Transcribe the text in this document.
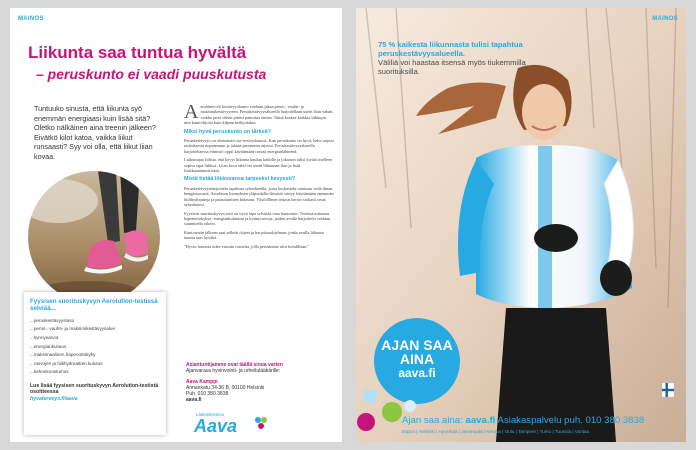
MAINOS
Liikunta saa tuntua hyvältä
– peruskunto ei vaadi puuskutusta
Tuntuuko sinusta, että liikunta syö enemmän energiaasi kuin lisää sitä? Oletko nälkäinen aina treenin jälkeen? Eivätkö kilot katoa, vaikka liikut runsaasti? Syy voi olla, että liikut liian kovaa.
Fyysisen suorituskyvyn Aerolution-testissä selviää...
...peruskestävyystaso
...perus-, vauhti- ja maksimikestävyysalue
...kynnysarvot
...energiankulutus
...maksimaalinen hapenottokyky
...rasvojen ja hiilihydraattien kulutus
...kehonkoostumus
Lue lisää fyysisen suorituskyvyn Aerolution-testistä osoitteessa
hyvaterveys.fi/aava

Aerobinen eli kestävyyskunto voidaan jakaa perus-, vauhti- ja maksimikestävyyteen. Peruskestävyysalueella harjoitellaan usein liian vähän, vaikka juuri siihen pitäisi panostaa eniten. Tämä koskee kaikkia liikkujia, niin kuntoilijoita kuin kilpaurheilijoitakin.

Miksi hyvä peruskunto on tärkeä?

Peruskestävyys on olennaisin osa terveyskuntoa. Kun peruskunto on hyvä, keho toipuu rasituksesta nopeammin ja jaksaa paremmin arjessa. Peruskestävyysalueella harjoiteltaessa elimistö oppii käyttämään rasvaa energianlähteenä.

Luihuttujaa fiilista, että kevyt liikunta kuuluu kaikille ja jokaisen tulisi löytää itselleen sopiva tapa liikkua. Liian kova tahti vie usein liikunnan ilon ja lisää loukkaantumisriskiä.

Mistä tietää liikkuvansa tarpeeksi kevyesti?

Peruskestävyysharjoittelu tapahtuu sykealueella, jossa keskustelu onnistuu vielä ilman hengästymistä. Aerobisen kynnyksen yläpuolella elimistö siirtyy käyttämään enemmän hiilihydraatteja ja palautuminen hidastuu. Yksilöllinen testaus kertoo tarkasti omat sykealueesi.

Fyysisen suorituskyvyn testi on hyvä tapa selvittää oma kuntotaso. Testissä mitataan hapenottokykyä, energiankulutusta ja kynnysarvoja, joiden avulla harjoittelu voidaan suunnitella oikein.

Kuntotestin jälkeen saat selkeät ohjeet ja harjoitusohjelman, jonka avulla liikunta tuntuu taas hyvältä.

"Hyvin harrasta tulee vuosiin toistetta, jolla peruskunto ulos kohdillaan."

Asiantuntijamme ovat täällä sinua varten
Ajanvaraus hyvinvointi- ja urheilulääkärille:
Aava Kamppi
Annankatu 34-36 B, 00100 Helsinki
Puh. 010 380 3838
aava.fi
Lääkärikeskus
Aava
MAINOS
75 % kaikesta liikunnasta tulisi tapahtua peruskestävyysalueella.
Väliliä voi haastaa itsensä myös tiukemmilla suorituksilla.
AJAN SAA AINA
aava.fi
Ajan saa aina: aava.fi Asiakaspalvelu puh. 010 380 3838
Espoo | Helsinki | Hyvinkää | Järvenpää | Kerava | Oulu | Tampere | Turku | Tuusula | Vantaa
